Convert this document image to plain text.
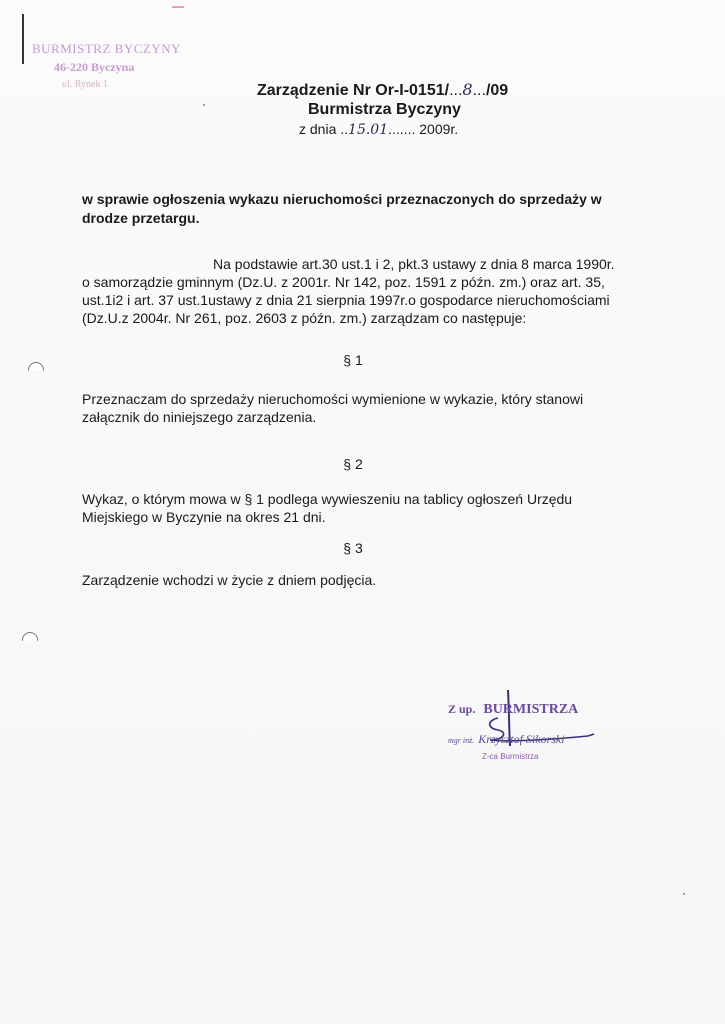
▬▬
BURMISTRZ BYCZYNY
46-220 Byczyna
ul. Rynek 1	Zarządzenie Nr Or-I-0151/...8.../09
Burmistrza Byczyny
z dnia ..15.01....... 2009r.
w sprawie ogłoszenia wykazu nieruchomości przeznaczonych do sprzedaży w drodze przetargu.
Na podstawie art.30 ust.1 i 2, pkt.3 ustawy z dnia 8 marca 1990r.
o samorządzie gminnym (Dz.U. z 2001r. Nr 142, poz. 1591 z późn. zm.) oraz art. 35,
ust.1i2 i art. 37 ust.1ustawy z dnia 21 sierpnia 1997r.o gospodarce nieruchomościami
(Dz.U.z 2004r. Nr 261, poz. 2603 z późn. zm.) zarządzam co następuje:
§ 1
Przeznaczam do sprzedaży nieruchomości wymienione w wykazie, który stanowi
załącznik do niniejszego zarządzenia.
§ 2
Wykaz, o którym mowa w § 1 podlega wywieszeniu na tablicy ogłoszeń Urzędu
Miejskiego w Byczynie na okres 21 dni.
§ 3
Zarządzenie wchodzi w życie z dniem podjęcia.
Z up. BURMISTRZA
mgr inż. Krzysztof Sikorski
Z-ca Burmistrza
